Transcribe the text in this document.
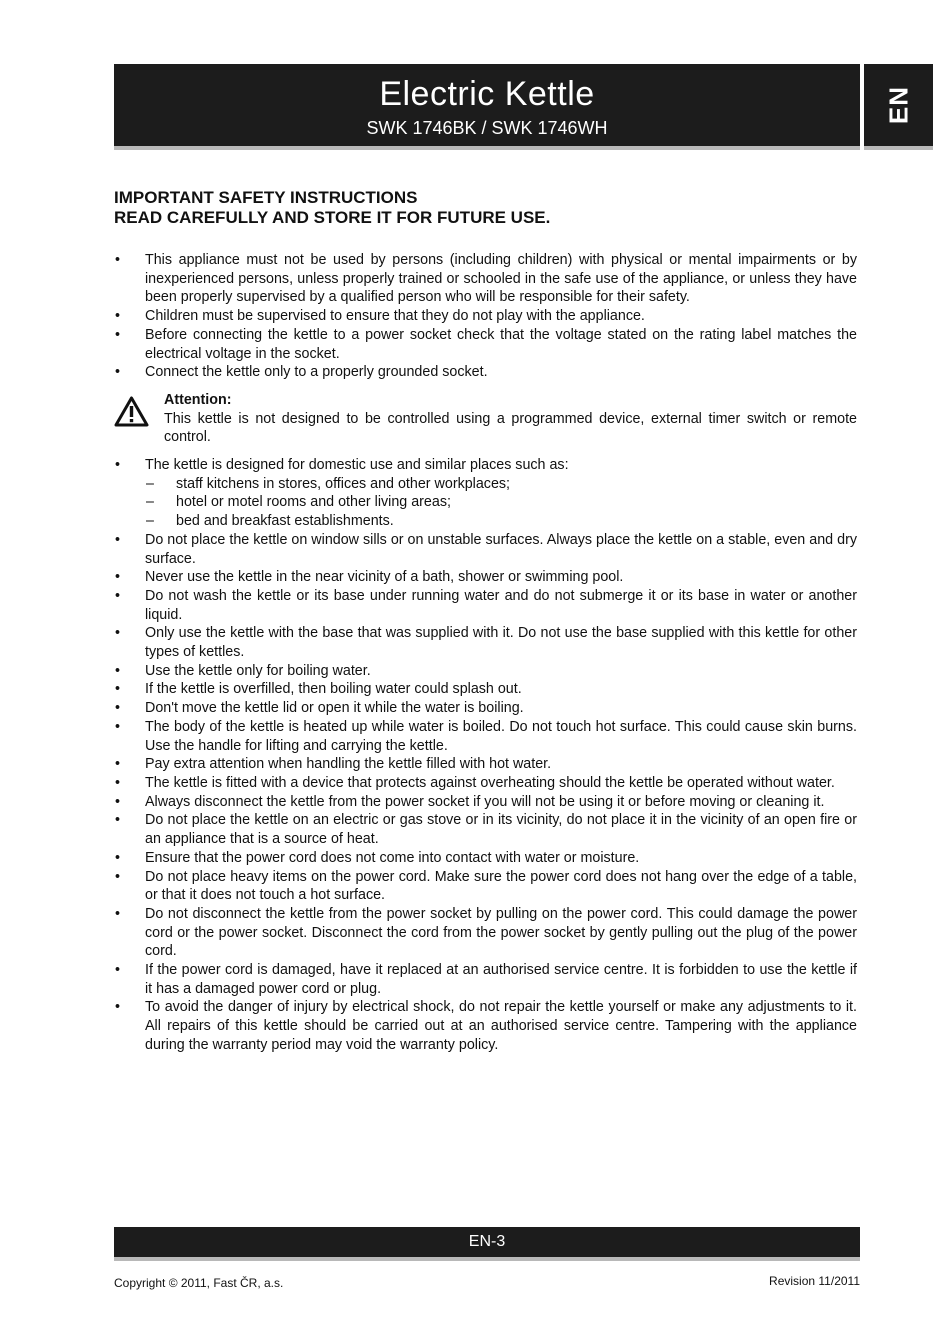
Electric Kettle
SWK 1746BK / SWK 1746WH
EN
IMPORTANT SAFETY INSTRUCTIONS
READ CAREFULLY AND STORE IT FOR FUTURE USE.
• This appliance must not be used by persons (including children) with physical or mental impairments or by inexperienced persons, unless properly trained or schooled in the safe use of the appliance, or unless they have been properly supervised by a qualified person who will be responsible for their safety.
• Children must be supervised to ensure that they do not play with the appliance.
• Before connecting the kettle to a power socket check that the voltage stated on the rating label matches the electrical voltage in the socket.
• Connect the kettle only to a properly grounded socket.
Attention:
This kettle is not designed to be controlled using a programmed device, external timer switch or remote control.
• The kettle is designed for domestic use and similar places such as:
– staff kitchens in stores, offices and other workplaces;
– hotel or motel rooms and other living areas;
– bed and breakfast establishments.
• Do not place the kettle on window sills or on unstable surfaces. Always place the kettle on a stable, even and dry surface.
• Never use the kettle in the near vicinity of a bath, shower or swimming pool.
• Do not wash the kettle or its base under running water and do not submerge it or its base in water or another liquid.
• Only use the kettle with the base that was supplied with it. Do not use the base supplied with this kettle for other types of kettles.
• Use the kettle only for boiling water.
• If the kettle is overfilled, then boiling water could splash out.
• Don't move the kettle lid or open it while the water is boiling.
• The body of the kettle is heated up while water is boiled. Do not touch hot surface. This could cause skin burns. Use the handle for lifting and carrying the kettle.
• Pay extra attention when handling the kettle filled with hot water.
• The kettle is fitted with a device that protects against overheating should the kettle be operated without water.
• Always disconnect the kettle from the power socket if you will not be using it or before moving or cleaning it.
• Do not place the kettle on an electric or gas stove or in its vicinity, do not place it in the vicinity of an open fire or an appliance that is a source of heat.
• Ensure that the power cord does not come into contact with water or moisture.
• Do not place heavy items on the power cord. Make sure the power cord does not hang over the edge of a table, or that it does not touch a hot surface.
• Do not disconnect the kettle from the power socket by pulling on the power cord. This could damage the power cord or the power socket. Disconnect the cord from the power socket by gently pulling out the plug of the power cord.
• If the power cord is damaged, have it replaced at an authorised service centre. It is forbidden to use the kettle if it has a damaged power cord or plug.
• To avoid the danger of injury by electrical shock, do not repair the kettle yourself or make any adjustments to it. All repairs of this kettle should be carried out at an authorised service centre. Tampering with the appliance during the warranty period may void the warranty policy.
EN-3
Copyright © 2011, Fast ČR, a.s.	Revision 11/2011
